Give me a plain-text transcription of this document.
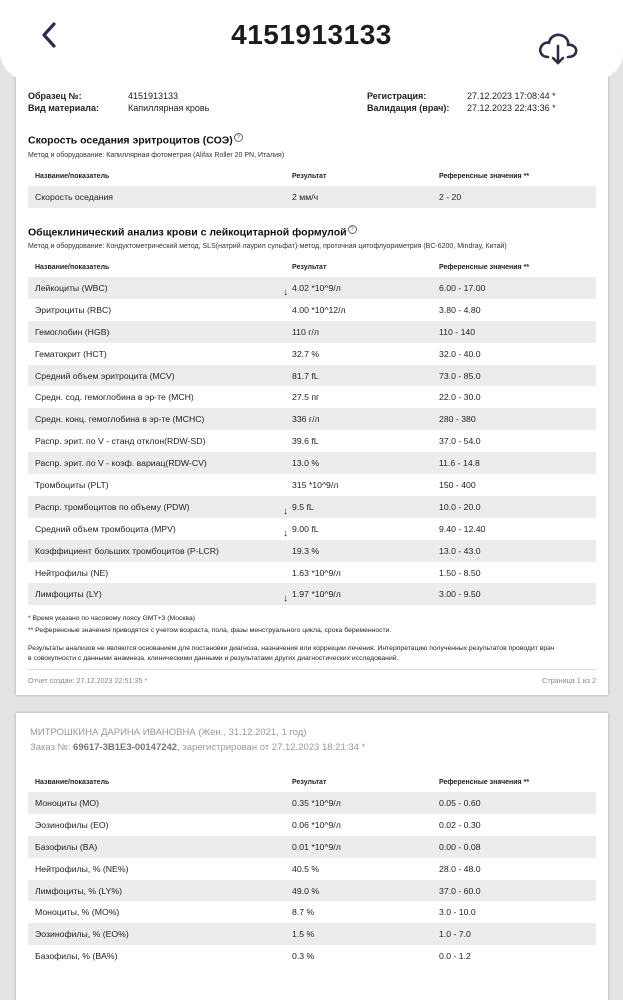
4151913133
Образец №:	4151913133	Регистрация:	27.12.2023 17:08:44 *
Вид материала:	Капиллярная кровь	Валидация (врач): 27.12.2023 22:43:36 *
Скорость оседания эритроцитов (СОЭ) ?
Метод и оборудование: Капиллярная фотометрия (Alifax Roller 20 PN, Италия)
Название/показатель	Результат	Референсные значения **
Скорость оседания	2 мм/ч	2 - 20
Общеклинический анализ крови с лейкоцитарной формулой ?
Метод и оборудование: Кондуктометрический метод, SLS(натрий лаурил сульфат)-метод, проточная цитофлуориметрия (BC-6200, Mindray, Китай)
Название/показатель	Результат	Референсные значения **
Лейкоциты (WBC)	↓ 4.02 *10^9/л	6.00 - 17.00
Эритроциты (RBC)	4.00 *10^12/л	3.80 - 4.80
Гемоглобин (HGB)	110 г/л	110 - 140
Гематокрит (HCT)	32.7 %	32.0 - 40.0
Средний объем эритроцита (MCV)	81.7 fL	73.0 - 85.0
Средн. сод. гемоглобина в эр-те (MCH)	27.5 пг	22.0 - 30.0
Средн. конц. гемоглобина в эр-те (MCHC)	336 г/л	280 - 380
Распр. эрит. по V - станд отклон(RDW-SD)	39.6 fL	37.0 - 54.0
Распр. эрит. по V - коэф. вариац(RDW-CV)	13.0 %	11.6 - 14.8
Тромбоциты (PLT)	315 *10^9/л	150 - 400
Распр. тромбоцитов по объему (PDW)	↓ 9.5 fL	10.0 - 20.0
Средний объем тромбоцита (MPV)	↓ 9.00 fL	9.40 - 12.40
Коэффициент больших тромбоцитов (P-LCR)	19.3 %	13.0 - 43.0
Нейтрофилы (NE)	1.63 *10^9/л	1.50 - 8.50
Лимфоциты (LY)	↓ 1.97 *10^9/л	3.00 - 9.50
* Время указано по часовому поясу GMT+3 (Москва)
** Референсные значения приводятся с учетом возраста, пола, фазы менструального цикла, срока беременности.
Результаты анализов не являются основанием для постановки диагноза, назначения или коррекции лечения. Интерпретацию полученных результатов проводит врач
в совокупности с данными анамнеза, клиническими данными и результатами других диагностических исследований.
Отчет создан: 27.12.2023 22:51:35 *	Страница 1 из 2
МИТРОШКИНА ДАРИНА ИВАНОВНА (Жен., 31.12.2021, 1 год)
Заказ №: 69617-3B1E3-00147242, зарегистрирован от 27.12.2023 18:21:34 *
Название/показатель	Результат	Референсные значения **
Моноциты (MO)	0.35 *10^9/л	0.05 - 0.60
Эозинофилы (EO)	0.06 *10^9/л	0.02 - 0.30
Базофилы (BA)	0.01 *10^9/л	0.00 - 0.08
Нейтрофилы, % (NE%)	40.5 %	28.0 - 48.0
Лимфоциты, % (LY%)	49.0 %	37.0 - 60.0
Моноциты, % (MO%)	8.7 %	3.0 - 10.0
Эозинофилы, % (EO%)	1.5 %	1.0 - 7.0
Базофилы, % (BA%)	0.3 %	0.0 - 1.2
